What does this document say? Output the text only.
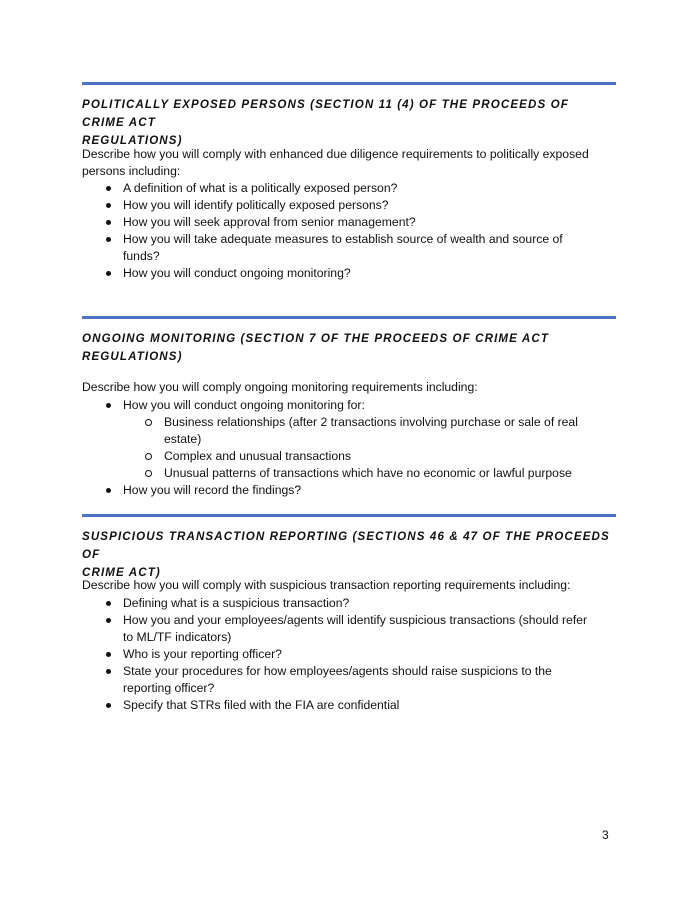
POLITICALLY EXPOSED PERSONS (SECTION 11 (4) OF THE PROCEEDS OF CRIME ACT
REGULATIONS)
Describe how you will comply with enhanced due diligence requirements to politically exposed
persons including:
A definition of what is a politically exposed person?
How you will identify politically exposed persons?
How you will seek approval from senior management?
How you will take adequate measures to establish source of wealth and source of
funds?
How you will conduct ongoing monitoring?
ONGOING MONITORING (SECTION 7 OF THE PROCEEDS OF CRIME ACT
REGULATIONS)
Describe how you will comply ongoing monitoring requirements including:
How you will conduct ongoing monitoring for:
Business relationships (after 2 transactions involving purchase or sale of real
estate)
Complex and unusual transactions
Unusual patterns of transactions which have no economic or lawful purpose
How you will record the findings?
SUSPICIOUS TRANSACTION REPORTING (SECTIONS 46 & 47 OF THE PROCEEDS OF
CRIME ACT)
Describe how you will comply with suspicious transaction reporting requirements including:
Defining what is a suspicious transaction?
How you and your employees/agents will identify suspicious transactions (should refer
to ML/TF indicators)
Who is your reporting officer?
State your procedures for how employees/agents should raise suspicions to the
reporting officer?
Specify that STRs filed with the FIA are confidential
3
